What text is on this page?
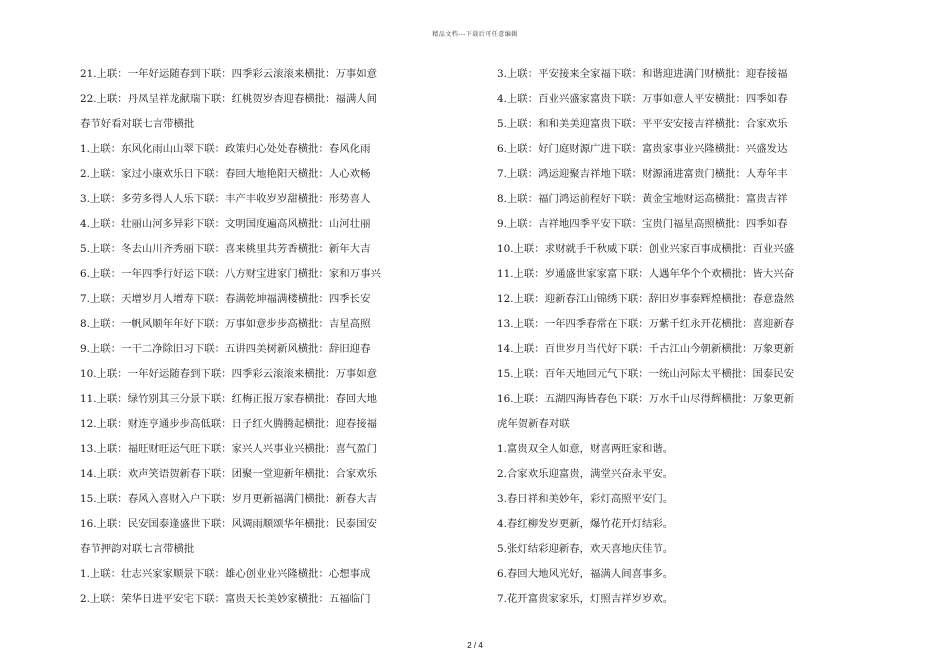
精品文档---下载后可任意编辑
21.上联：一年好运随春到下联：四季彩云滚滚来横批：万事如意
22.上联：丹凤呈祥龙献瑞下联：红桃贺岁杏迎春横批：福满人间
春节好看对联七言带横批
1.上联：东风化雨山山翠下联：政策归心处处春横批：春风化雨
2.上联：家过小康欢乐日下联：春回大地艳阳天横批：人心欢畅
3.上联：多劳多得人人乐下联：丰产丰收岁岁甜横批：形势喜人
4.上联：壮丽山河多异彩下联：文明国度遍高风横批：山河壮丽
5.上联：冬去山川齐秀丽下联：喜来桃里共芳香横批：新年大吉
6.上联：一年四季行好运下联：八方财宝进家门横批：家和万事兴
7.上联：天增岁月人增寿下联：春满乾坤福满楼横批：四季长安
8.上联：一帆风顺年年好下联：万事如意步步高横批：吉星高照
9.上联：一干二净除旧习下联：五讲四美树新风横批：辞旧迎春
10.上联：一年好运随春到下联：四季彩云滚滚来横批：万事如意
11.上联：绿竹别其三分景下联：红梅正报万家春横批：春回大地
12.上联：财连亨通步步高低联：日子红火腾腾起横批：迎春接福
13.上联：福旺财旺运气旺下联：家兴人兴事业兴横批：喜气盈门
14.上联：欢声笑语贺新春下联：团聚一堂迎新年横批：合家欢乐
15.上联：春风入喜财入户下联：岁月更新福满门横批：新春大吉
16.上联：民安国泰逢盛世下联：风调雨顺颂华年横批：民泰国安
春节押韵对联七言带横批
1.上联：壮志兴家家顺景下联：雄心创业业兴隆横批：心想事成
2.上联：荣华日进平安宅下联：富贵天长美妙家横批：五福临门
3.上联：平安接来全家福下联：和谐迎进满门财横批：迎春接福
4.上联：百业兴盛家富贵下联：万事如意人平安横批：四季如春
5.上联：和和美美迎富贵下联：平平安安接吉祥横批：合家欢乐
6.上联：好门庭财源广进下联：富贵家事业兴隆横批：兴盛发达
7.上联：鸿运迎聚吉祥地下联：财源涌进富贵门横批：人寿年丰
8.上联：福门鸿运前程好下联：黄金宝地财运高横批：富贵吉祥
9.上联：吉祥地四季平安下联：宝贵门福星高照横批：四季如春
10.上联：求财就手千秋威下联：创业兴家百事成横批：百业兴盛
11.上联：岁通盛世家家富下联：人遇年华个个欢横批：皆大兴奋
12.上联：迎新春江山锦绣下联：辞旧岁事泰辉煌横批：春意盎然
13.上联：一年四季春常在下联：万紫千红永开花横批：喜迎新春
14.上联：百世岁月当代好下联：千古江山今朝新横批：万象更新
15.上联：百年天地回元气下联：一统山河际太平横批：国泰民安
16.上联：五湖四海皆春色下联：万水千山尽得辉横批：万象更新
虎年贺新春对联
1.富贵双全人如意，财喜两旺家和谐。
2.合家欢乐迎富贵，满堂兴奋永平安。
3.春日祥和美妙年，彩灯高照平安门。
4.春红柳发岁更新，爆竹花开灯结彩。
5.张灯结彩迎新春，欢天喜地庆佳节。
6.春回大地风光好，福满人间喜事多。
7.花开富贵家家乐，灯照吉祥岁岁欢。
2 / 4
